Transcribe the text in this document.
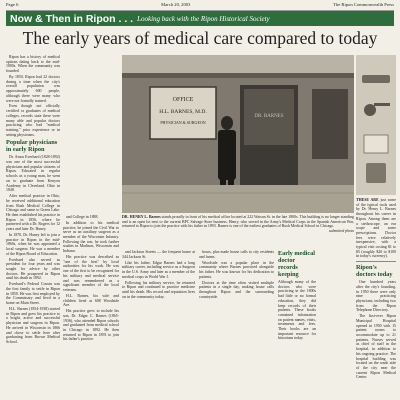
Page 6	March 20, 2003	The Ripon Commonwealth Press
Now & Then in Ripon . . . Looking back with the Ripon Historical Society
The early years of medical care compared to today

Ripon has a history of medical options dating back to the mid-1800s. When the community was founded

By 1850, Ripon had 22 doctors during a time when the city's overall population was approximately 600 people, although there were many who were not formally trained.

Even though not officially certified or graduates of medical colleges, records state there were many able and popular doctors practicing who had "medical training," prior experience or in setting physicians.

Popular physicians in early Ripon

Dr. Amos Everhard (1828-1892) was one of the most successful physicians and popular citizens of Ripon. Educated in regular schools as a young man, he went on to graduate from Kenyon Academy in Cleveland, Ohio in 1848.

After medical practice in Ohio, he received additional education from Rush Medical College in Chicago and came to Green Lake. He then established his practice in Ripon in 1856, where he partnered with a Dr. Rogers for 12 years and later Dr. Haney.

In 1870, Dr. Haney left to join a practice in Ripon in the mid-1860s, when he was appointed a local surgeon. He was a member of the Ripon Board of Education.

Everhard also served as president for four years and was sought for advice by other doctors. He prospered in Ripon until his death in 1892.

Everhard's Federal Cousin was the first family to settle in Ripon in 1850. He was first employed by the Commissary and lived in a home on Main Street.

H.L. Barnes (1854-1938) started in Ripon and grew his practice to a bright, active and successful physician and surgeon in Ripon. He arrived in Wisconsin in 1866 and chose to settle here after graduating from Brown Medical School.

and College in 1888.

In addition to his medical practice, he joined the Civil War to serve as an auxiliary surgeon as a member of the Wisconsin Infantry. Following the war, he took further studies in Madison, Wisconsin and Indiana.

His practice was described as "one of the best" by local authorities for his work. He was one of the first to be recognized for his military and medical service and was remembered as a significant member of the local veterans.

H.L. Barnes, his wife and children lived at 608 Woodside Ave.

His practice grew to include his son, Dr. Edgar C. Barnes (1865-1936), who attended Ripon schools and graduated from medical school in Chicago in 1892. He then returned to Ripon in 1893 to join his father's practice.

OFFICE
H.L. BARNES, M.D.
PHYSICIAN & SURGEON
DR. BARNES
DR. HENRY L. Barnes stands proudly in front of his medical office located at 222 Watson St. in the late 1800s. This building is no longer standing and is an open lot next to the current BPC Salvage Store business. Henry, who served in the Army's Medical Corps in the Spanish American War, returned to Ripon to join the practice with his father in 1893. Barnes is one of the earliest graduates of Rush Medical School in Chicago.
submitted photo

and Jackson Streets — the frequent home at 344 Jackson St.

Like his father, Edgar Barnes had a long military career, including service as a Surgeon in the U.S. Army and later as a member of the medical corps in World War I.

Following his military service, he returned to Ripon and continued to practice medicine until his death. His record and reputation lives on in the community today.

hours, plus made house calls to city residents and farms.

Woodside was a popular place in the community where Barnes practiced alongside his father. He was known for his dedication to patients.

Doctors at the time often visited multiple patients in a single day, making house calls throughout Ripon and the surrounding countryside.

Early medical doctor records keeping
Although many of the doctors who were practicing in the 1800s had little or no formal education, they did keep records of their patients. These books contained information on patient names, visits, treatments and fees. Their books are an important resource for historians today.
THESE ARE just some of the typical tools used by Dr. Henry L. Barnes throughout his career in Ripon. Among them are a stethoscope, an ear scope and some prescriptions. Doctor fees were relatively inexpensive, with a typical visit costing $1 to $5 (roughly $20 to $100 in today's currency).
Ripon's doctors today

One hundred years after the city's founding, in 1950 there were only nine practicing physicians, including two from the Ripon Telephone Directory.

The first-ever Ripon Municipal Hospital opened in 1950 with 15 patient rooms to accommodate up to 21 patients. Nurses served as chief of staff in the hospital, in addition to his ongoing practice. The hospital building was located on the south side of the city near the current Ripon Medical Center.
